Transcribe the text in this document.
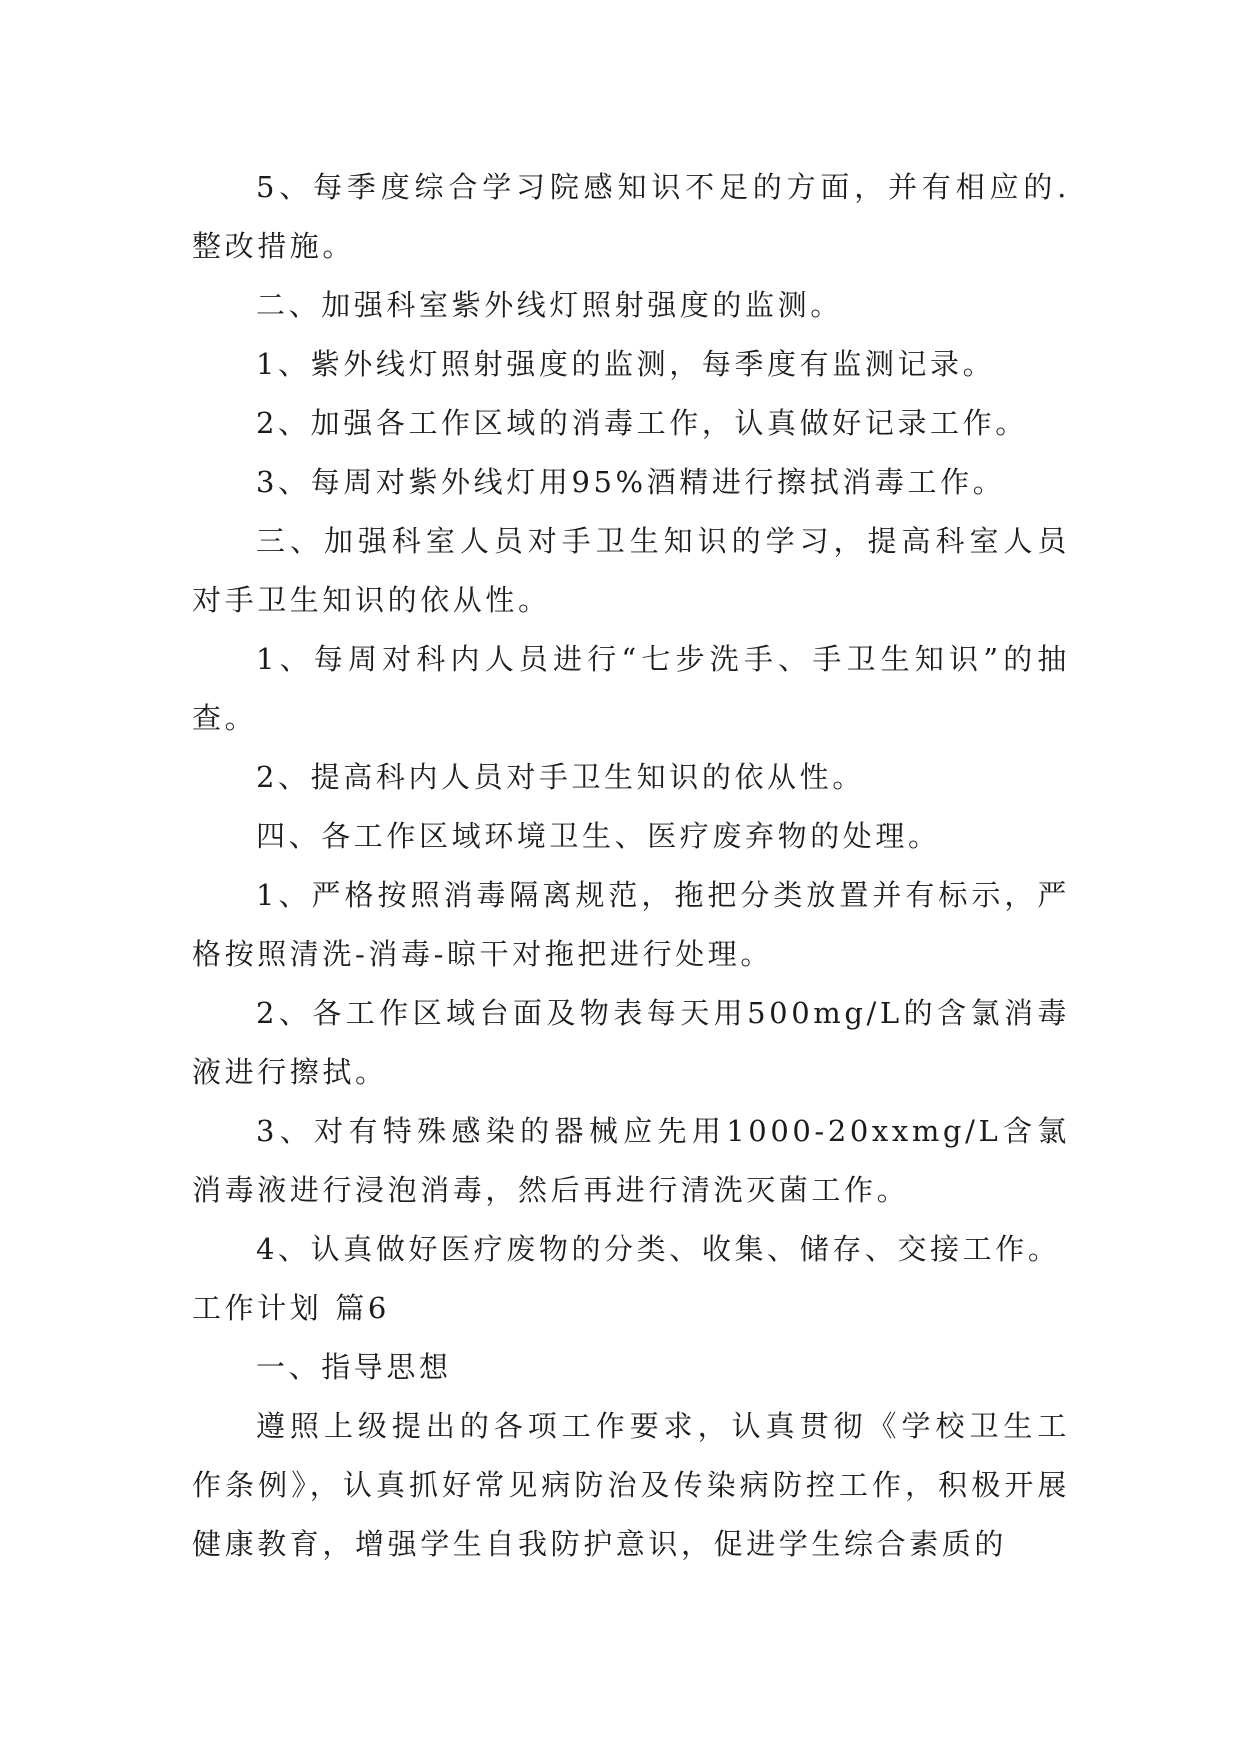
5、每季度综合学习院感知识不足的方面，并有相应的.整改措施。

二、加强科室紫外线灯照射强度的监测。

1、紫外线灯照射强度的监测，每季度有监测记录。

2、加强各工作区域的消毒工作，认真做好记录工作。

3、每周对紫外线灯用95%酒精进行擦拭消毒工作。

三、加强科室人员对手卫生知识的学习，提高科室人员对手卫生知识的依从性。

1、每周对科内人员进行“七步洗手、手卫生知识”的抽查。

2、提高科内人员对手卫生知识的依从性。

四、各工作区域环境卫生、医疗废弃物的处理。

1、严格按照消毒隔离规范，拖把分类放置并有标示，严格按照清洗-消毒-晾干对拖把进行处理。

2、各工作区域台面及物表每天用500mg/L的含氯消毒液进行擦拭。

3、对有特殊感染的器械应先用1000-20xxmg/L含氯消毒液进行浸泡消毒，然后再进行清洗灭菌工作。

4、认真做好医疗废物的分类、收集、储存、交接工作。

工作计划 篇6

一、指导思想

遵照上级提出的各项工作要求，认真贯彻《学校卫生工作条例》，认真抓好常见病防治及传染病防控工作，积极开展健康教育，增强学生自我防护意识，促进学生综合素质的
